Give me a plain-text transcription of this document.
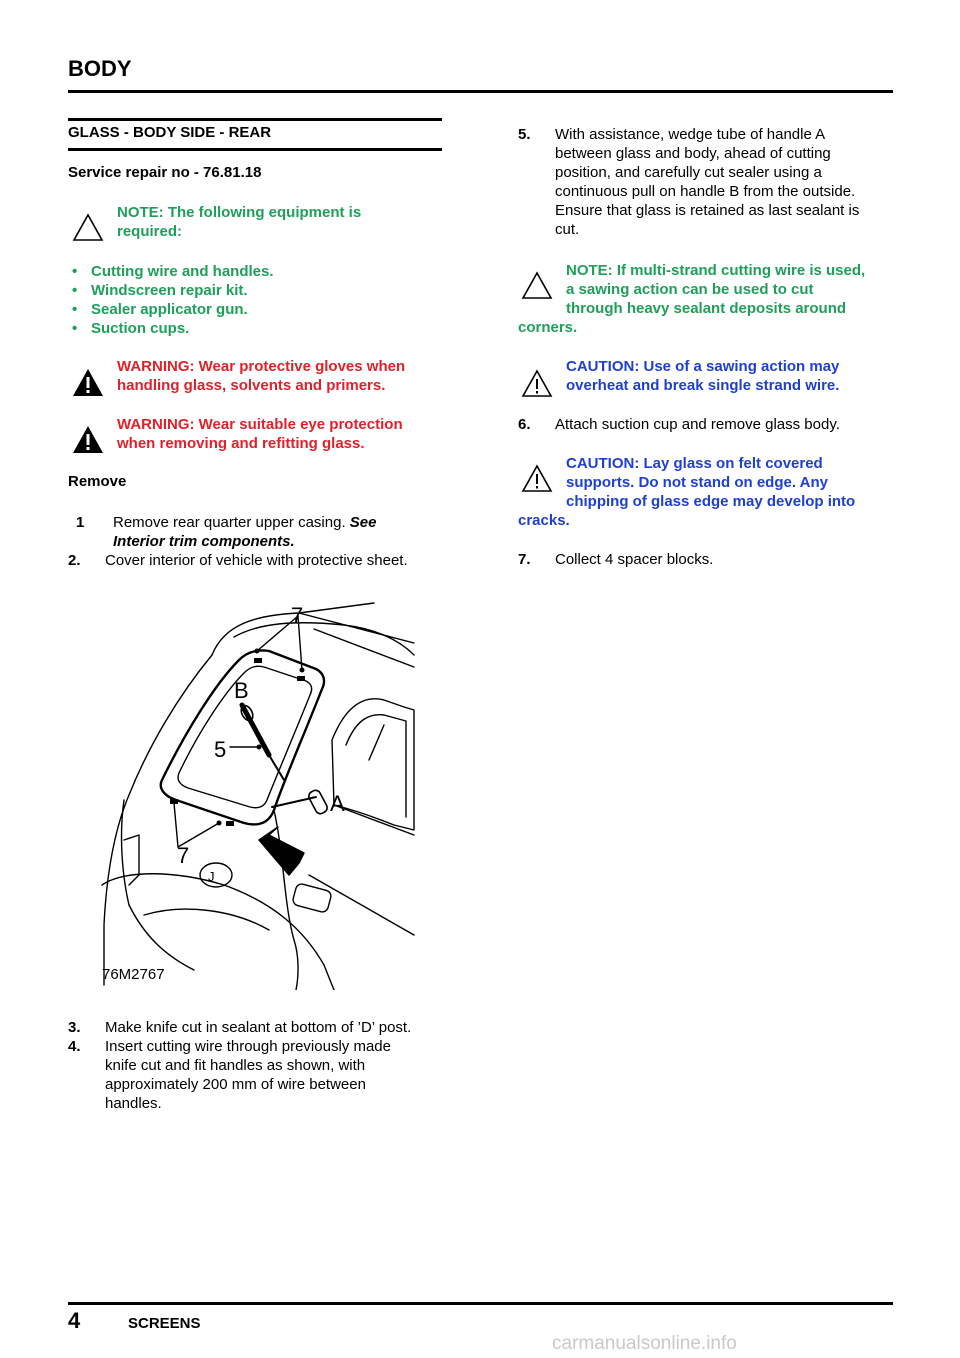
BODY
GLASS - BODY SIDE - REAR
Service repair no - 76.81.18
NOTE: The following equipment is
required:
• Cutting wire and handles.
• Windscreen repair kit.
• Sealer applicator gun.
• Suction cups.
WARNING: Wear protective gloves when
handling glass, solvents and primers.
WARNING: Wear suitable eye protection
when removing and refitting glass.
Remove
1 Remove rear quarter upper casing. See
Interior trim components.
2. Cover interior of vehicle with protective sheet.
J
7
B
5
A
7
76M2767
3. Make knife cut in sealant at bottom of ’D’ post.
4. Insert cutting wire through previously made
knife cut and fit handles as shown, with
approximately 200 mm of wire between
handles.
5. With assistance, wedge tube of handle A
between glass and body, ahead of cutting
position, and carefully cut sealer using a
continuous pull on handle B from the outside.
Ensure that glass is retained as last sealant is
cut.
NOTE: If multi-strand cutting wire is used,
a sawing action can be used to cut
through heavy sealant deposits around
corners.
CAUTION: Use of a sawing action may
overheat and break single strand wire.
6. Attach suction cup and remove glass body.
CAUTION: Lay glass on felt covered
supports. Do not stand on edge. Any
chipping of glass edge may develop into
cracks.
7. Collect 4 spacer blocks.
4	SCREENS
carmanualsonline.info
